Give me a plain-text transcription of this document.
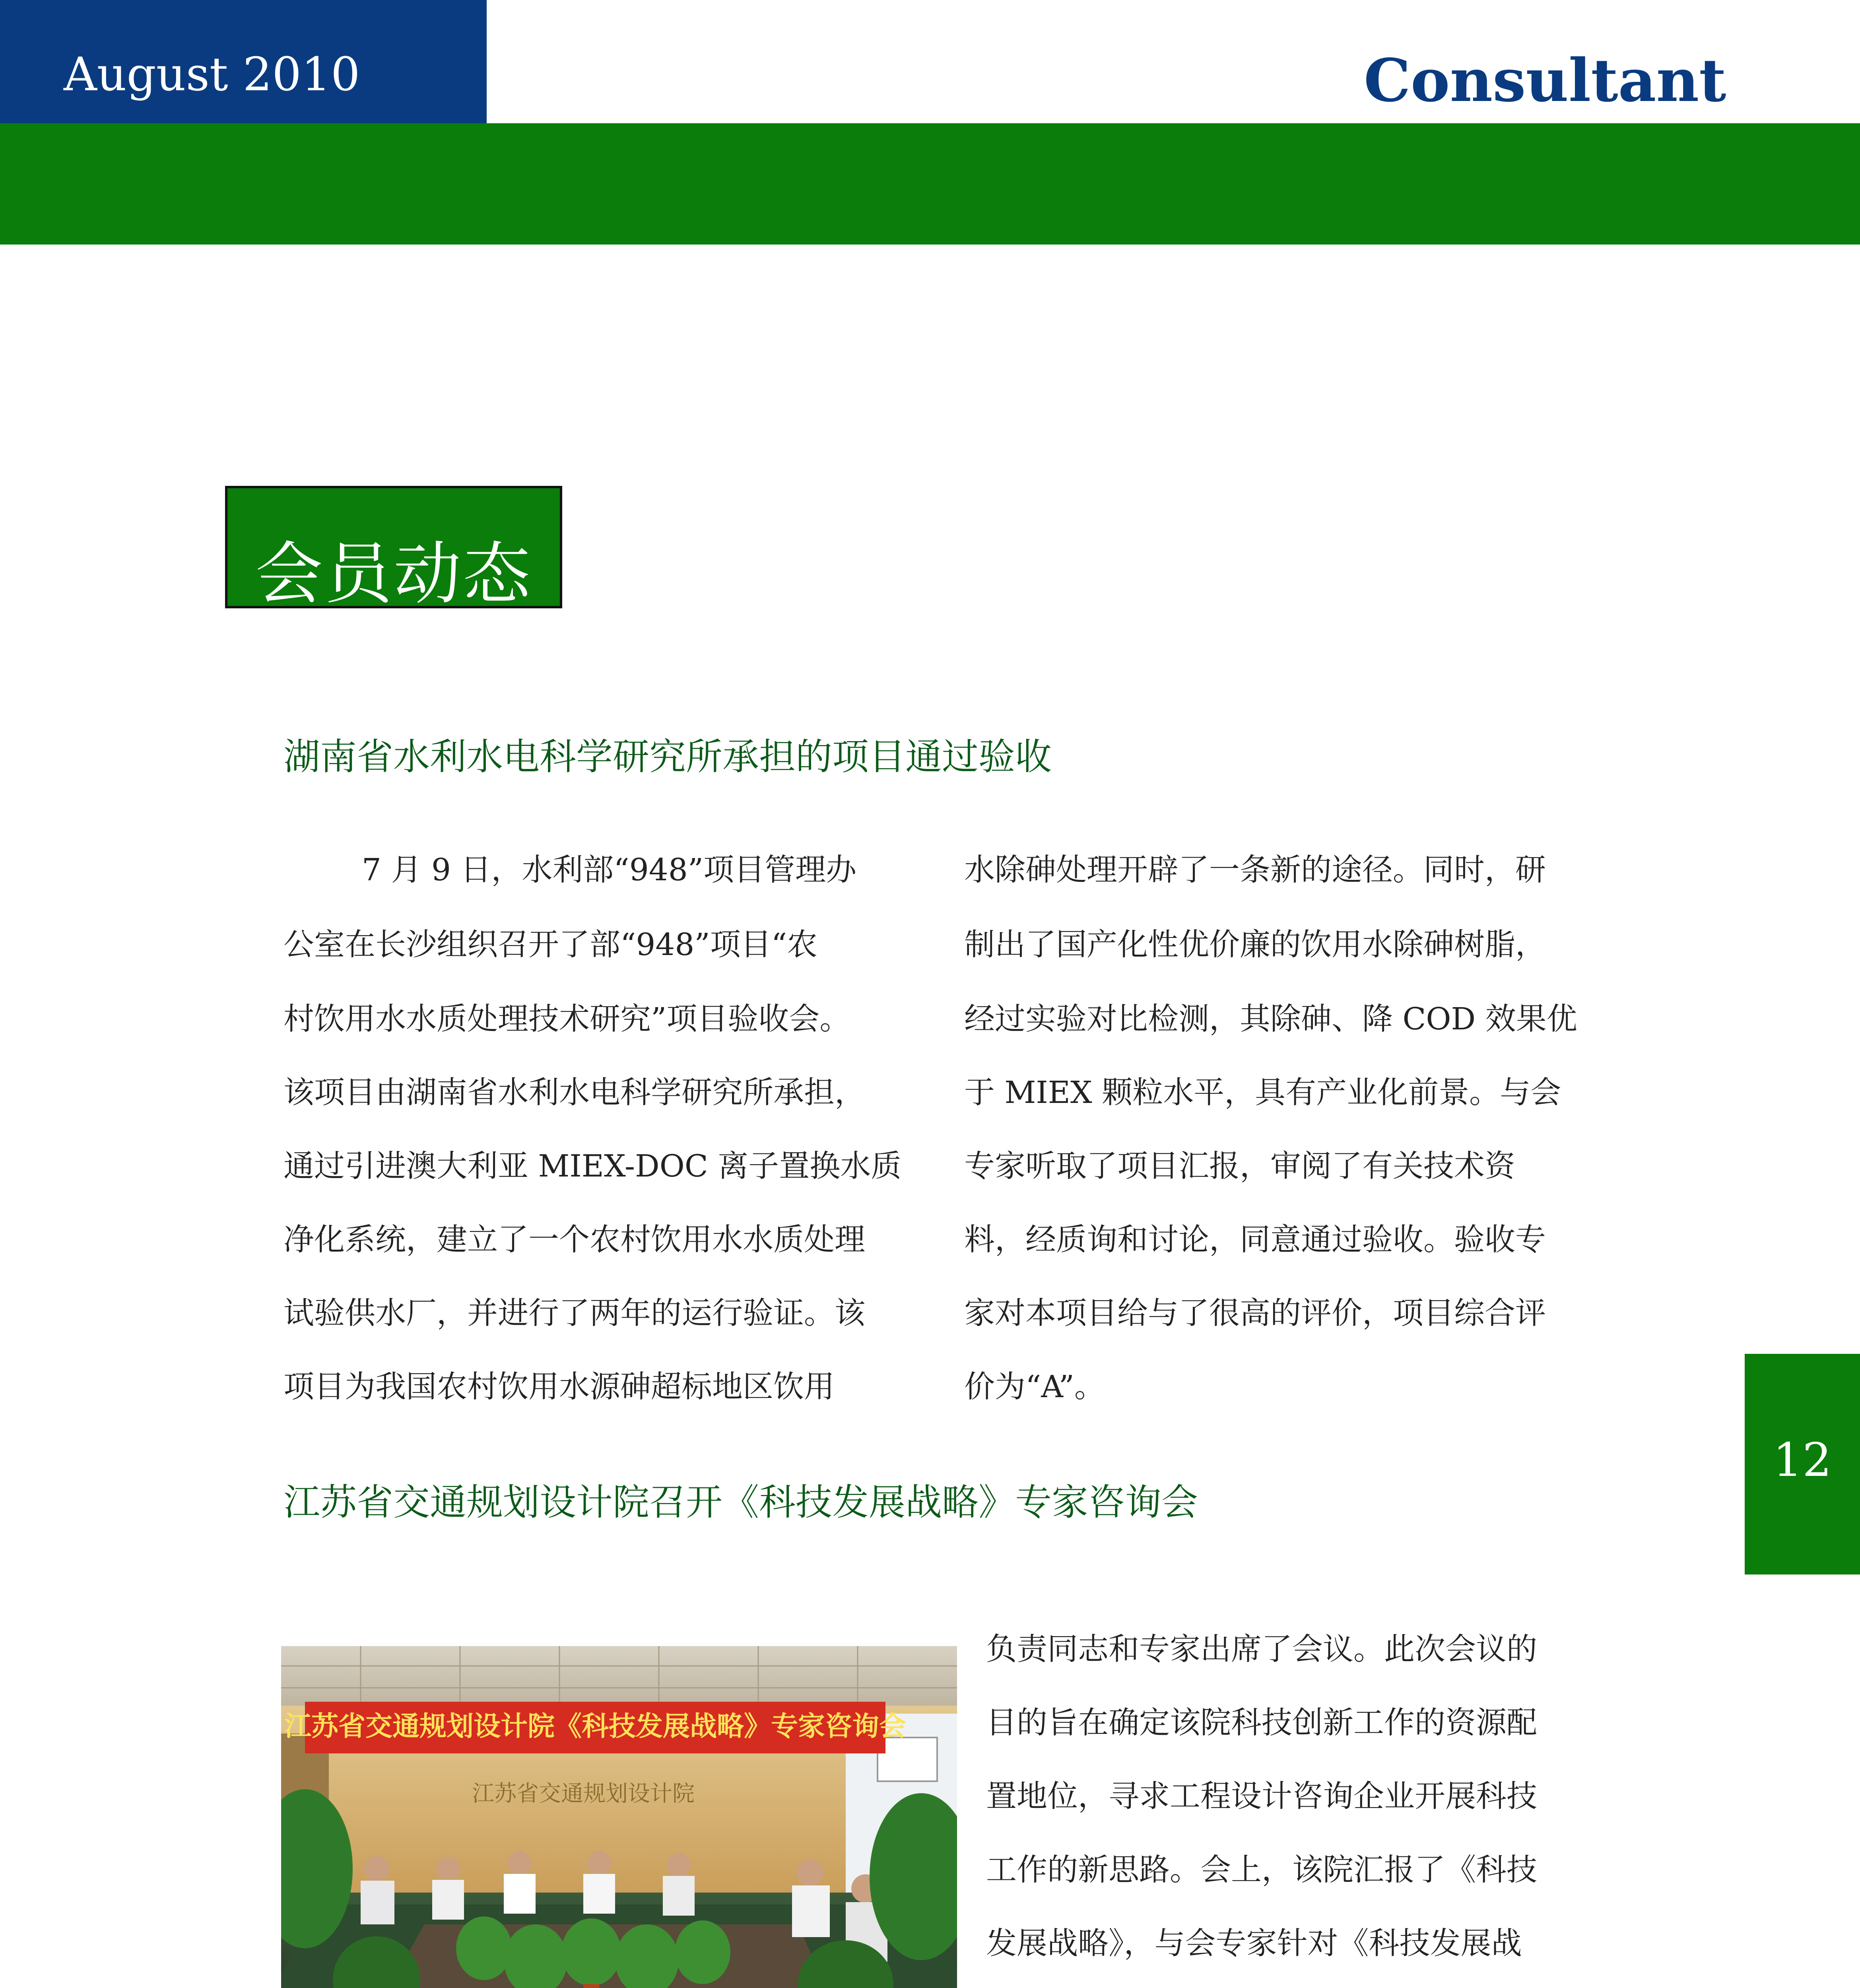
August 2010	Consultant
会员动态
湖南省水利水电科学研究所承担的项目通过验收
7 月 9 日，水利部“948”项目管理办
公室在长沙组织召开了部“948”项目“农
村饮用水水质处理技术研究”项目验收会。
该项目由湖南省水利水电科学研究所承担，
通过引进澳大利亚 MIEX-DOC 离子置换水质
净化系统，建立了一个农村饮用水水质处理
试验供水厂，并进行了两年的运行验证。该
项目为我国农村饮用水源砷超标地区饮用
水除砷处理开辟了一条新的途径。同时，研
制出了国产化性优价廉的饮用水除砷树脂，
经过实验对比检测，其除砷、降 COD 效果优
于 MIEX 颗粒水平，具有产业化前景。与会
专家听取了项目汇报，审阅了有关技术资
料，经质询和讨论，同意通过验收。验收专
家对本项目给与了很高的评价，项目综合评
价为“A”。
12
江苏省交通规划设计院召开《科技发展战略》专家咨询会
江苏省交通规划设计院《科技发展战略》专家咨询会
江苏省交通规划设计院
负责同志和专家出席了会议。此次会议的
目的旨在确定该院科技创新工作的资源配
置地位，寻求工程设计咨询企业开展科技
工作的新思路。会上，该院汇报了《科技
发展战略》，与会专家针对《科技发展战
